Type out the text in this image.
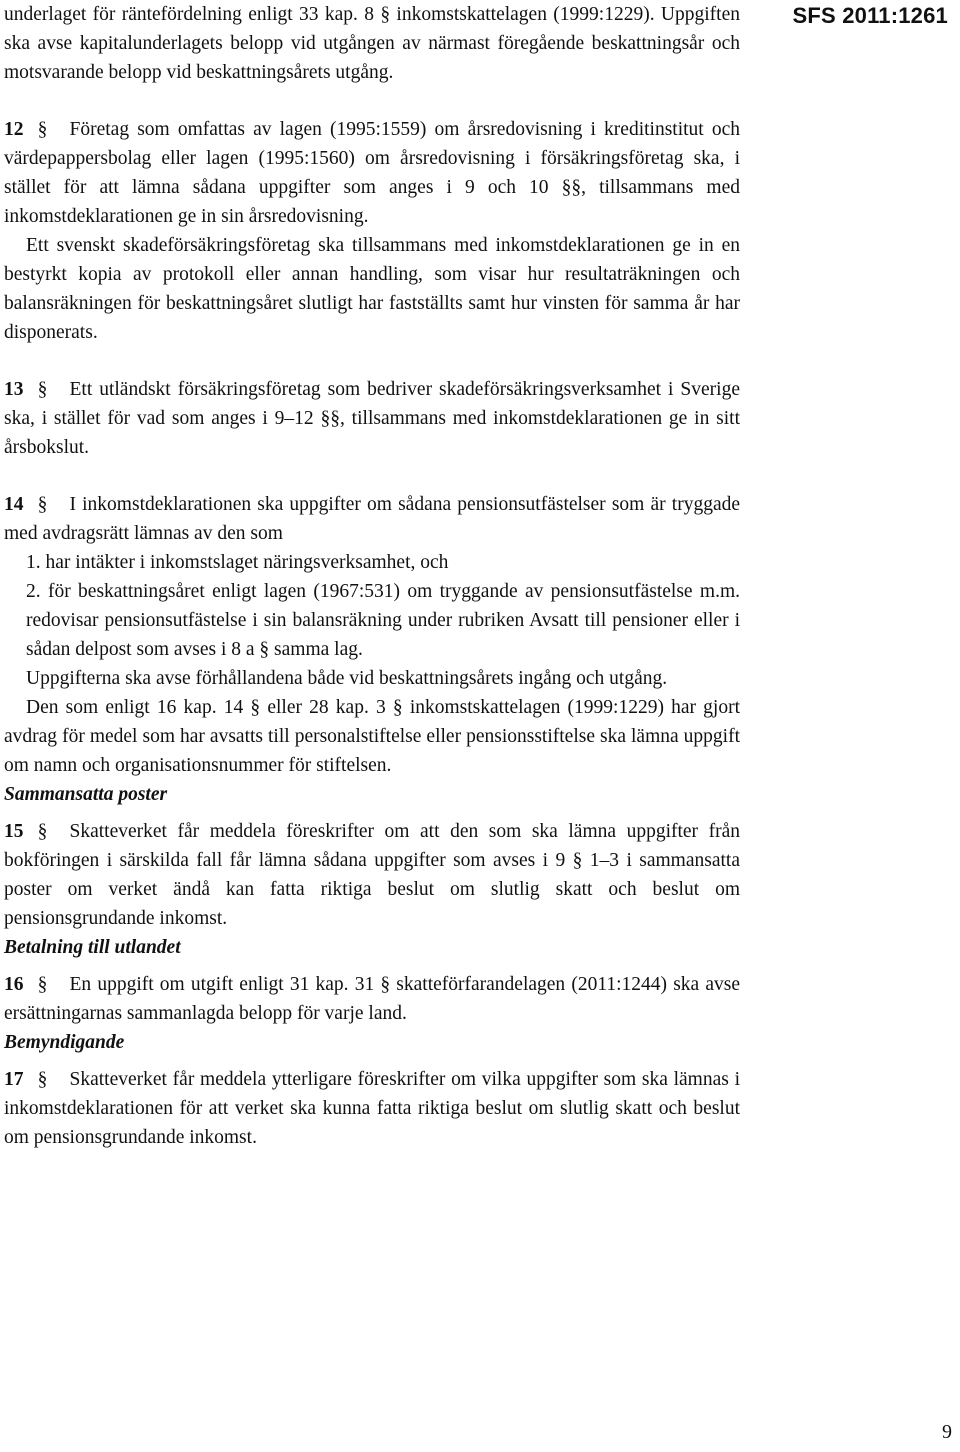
SFS 2011:1261

underlaget för räntefördelning enligt 33 kap. 8 § inkomstskattelagen (1999:1229). Uppgiften ska avse kapitalunderlagets belopp vid utgången av närmast föregående beskattningsår och motsvarande belopp vid beskattningsårets utgång.

12 § Företag som omfattas av lagen (1995:1559) om årsredovisning i kreditinstitut och värdepappersbolag eller lagen (1995:1560) om årsredovisning i försäkringsföretag ska, i stället för att lämna sådana uppgifter som anges i 9 och 10 §§, tillsammans med inkomstdeklarationen ge in sin årsredovisning.

Ett svenskt skadeförsäkringsföretag ska tillsammans med inkomstdeklarationen ge in en bestyrkt kopia av protokoll eller annan handling, som visar hur resultaträkningen och balansräkningen för beskattningsåret slutligt har fastställts samt hur vinsten för samma år har disponerats.

13 § Ett utländskt försäkringsföretag som bedriver skadeförsäkringsverksamhet i Sverige ska, i stället för vad som anges i 9–12 §§, tillsammans med inkomstdeklarationen ge in sitt årsbokslut.

14 § I inkomstdeklarationen ska uppgifter om sådana pensionsutfästelser som är tryggade med avdragsrätt lämnas av den som

1. har intäkter i inkomstslaget näringsverksamhet, och

2. för beskattningsåret enligt lagen (1967:531) om tryggande av pensionsutfästelse m.m. redovisar pensionsutfästelse i sin balansräkning under rubriken Avsatt till pensioner eller i sådan delpost som avses i 8 a § samma lag.

Uppgifterna ska avse förhållandena både vid beskattningsårets ingång och utgång.

Den som enligt 16 kap. 14 § eller 28 kap. 3 § inkomstskattelagen (1999:1229) har gjort avdrag för medel som har avsatts till personalstiftelse eller pensionsstiftelse ska lämna uppgift om namn och organisationsnummer för stiftelsen.

Sammansatta poster

15 § Skatteverket får meddela föreskrifter om att den som ska lämna uppgifter från bokföringen i särskilda fall får lämna sådana uppgifter som avses i 9 § 1–3 i sammansatta poster om verket ändå kan fatta riktiga beslut om slutlig skatt och beslut om pensionsgrundande inkomst.

Betalning till utlandet

16 § En uppgift om utgift enligt 31 kap. 31 § skatteförfarandelagen (2011:1244) ska avse ersättningarnas sammanlagda belopp för varje land.

Bemyndigande

17 § Skatteverket får meddela ytterligare föreskrifter om vilka uppgifter som ska lämnas i inkomstdeklarationen för att verket ska kunna fatta riktiga beslut om slutlig skatt och beslut om pensionsgrundande inkomst.

9
